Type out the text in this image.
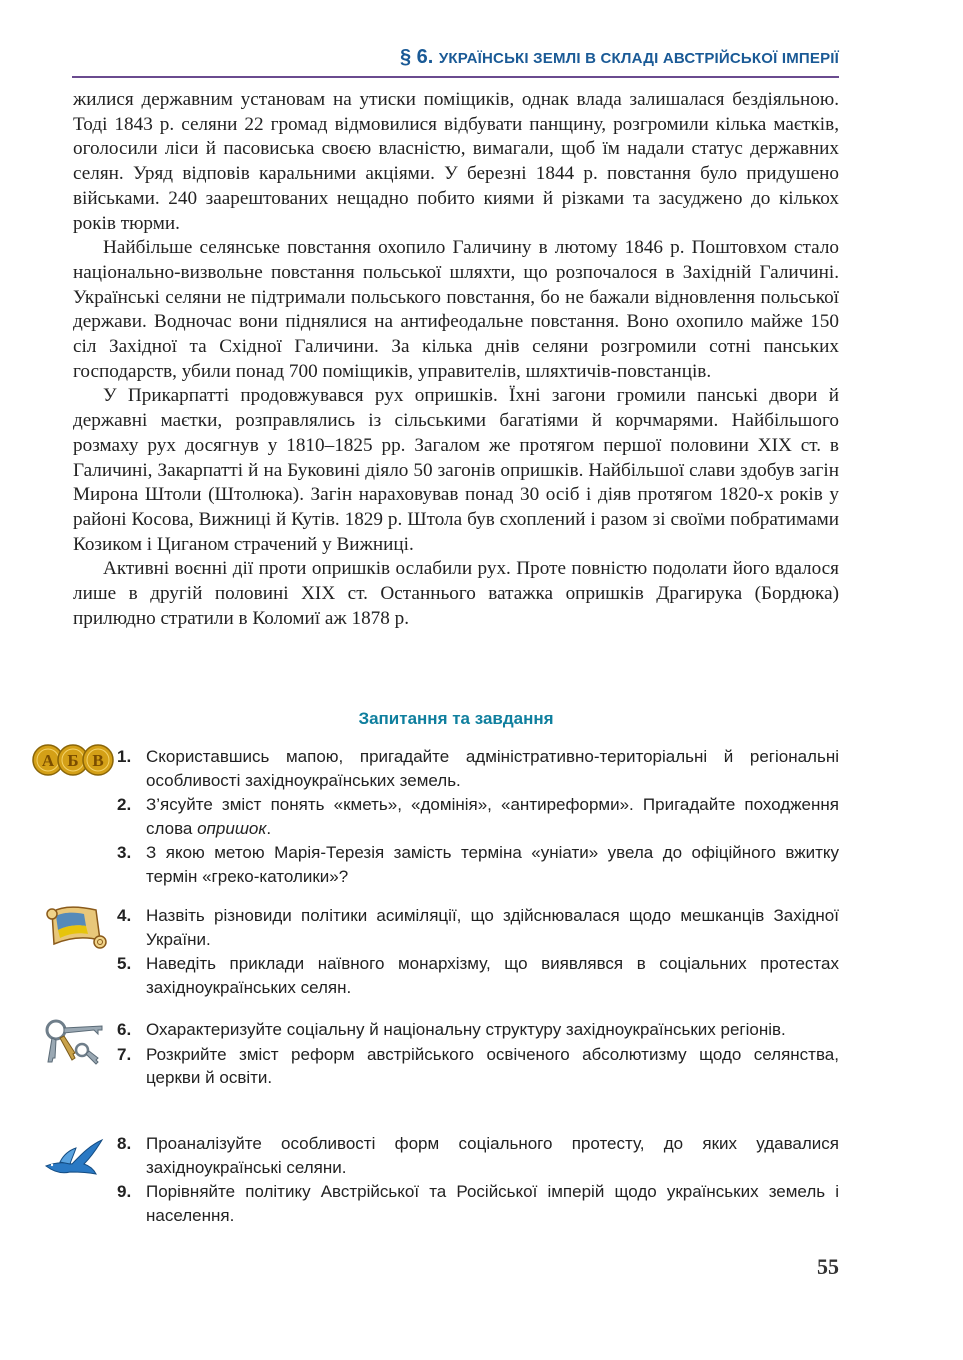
§ 6. УКРАЇНСЬКІ ЗЕМЛІ В СКЛАДІ АВСТРІЙСЬКОЇ ІМПЕРІЇ

жилися державним установам на утиски поміщиків, однак влада залишалася бездіяльною. Тоді 1843 р. селяни 22 громад відмовилися відбувати панщину, розгромили кілька маєтків, оголосили ліси й пасовиська своєю власністю, вимагали, щоб їм надали статус державних селян. Уряд відповів каральними акціями. У березні 1844 р. повстання було придушено військами. 240 заарештованих нещадно побито киями й різками та засуджено до кількох років тюрми.

Найбільше селянське повстання охопило Галичину в лютому 1846 р. Поштовхом стало національно-визвольне повстання польської шляхти, що розпочалося в Західній Галичині. Українські селяни не підтримали польського повстання, бо не бажали відновлення польської держави. Водночас вони піднялися на антифеодальне повстання. Воно охопило майже 150 сіл Західної та Східної Галичини. За кілька днів селяни розгромили сотні панських господарств, убили понад 700 поміщиків, управителів, шляхтичів-повстанців.

У Прикарпатті продовжувався рух опришків. Їхні загони громили панські двори й державні маєтки, розправлялись із сільськими багатіями й корчмарями. Найбільшого розмаху рух досягнув у 1810–1825 рр. Загалом же протягом першої половини XIX ст. в Галичині, Закарпатті й на Буковині діяло 50 загонів опришків. Найбільшої слави здобув загін Мирона Штоли (Штолюка). Загін нараховував понад 30 осіб і діяв протягом 1820-х років у районі Косова, Вижниці й Кутів. 1829 р. Штола був схоплений і разом зі своїми побратимами Козиком і Циганом страчений у Вижниці.

Активні воєнні дії проти опришків ослабили рух. Проте повністю подолати його вдалося лише в другій половині XIX ст. Останнього ватажка опришків Драгирука (Бордюка) прилюдно стратили в Коломиї аж 1878 р.

Запитання та завдання
А Б В 1. Скориставшись мапою, пригадайте адміністративно-територіальні й регіональні особливості західноукраїнських земель.
2. З’ясуйте зміст понять «кметь», «домінія», «антиреформи». Пригадайте походження слова опришок.
3. З якою метою Марія-Терезія замість терміна «уніати» увела до офіційного вжитку термін «греко-католики»?
4. Назвіть різновиди політики асиміляції, що здійснювалася щодо мешканців Західної України.
5. Наведіть приклади наївного монархізму, що виявлявся в соціальних протестах західноукраїнських селян.
6. Охарактеризуйте соціальну й національну структуру західноукраїнських регіонів.
7. Розкрийте зміст реформ австрійського освіченого абсолютизму щодо селянства, церкви й освіти.
8. Проаналізуйте особливості форм соціального протесту, до яких удавалися західноукраїнські селяни.
9. Порівняйте політику Австрійської та Російської імперій щодо українських земель і населення.
55
